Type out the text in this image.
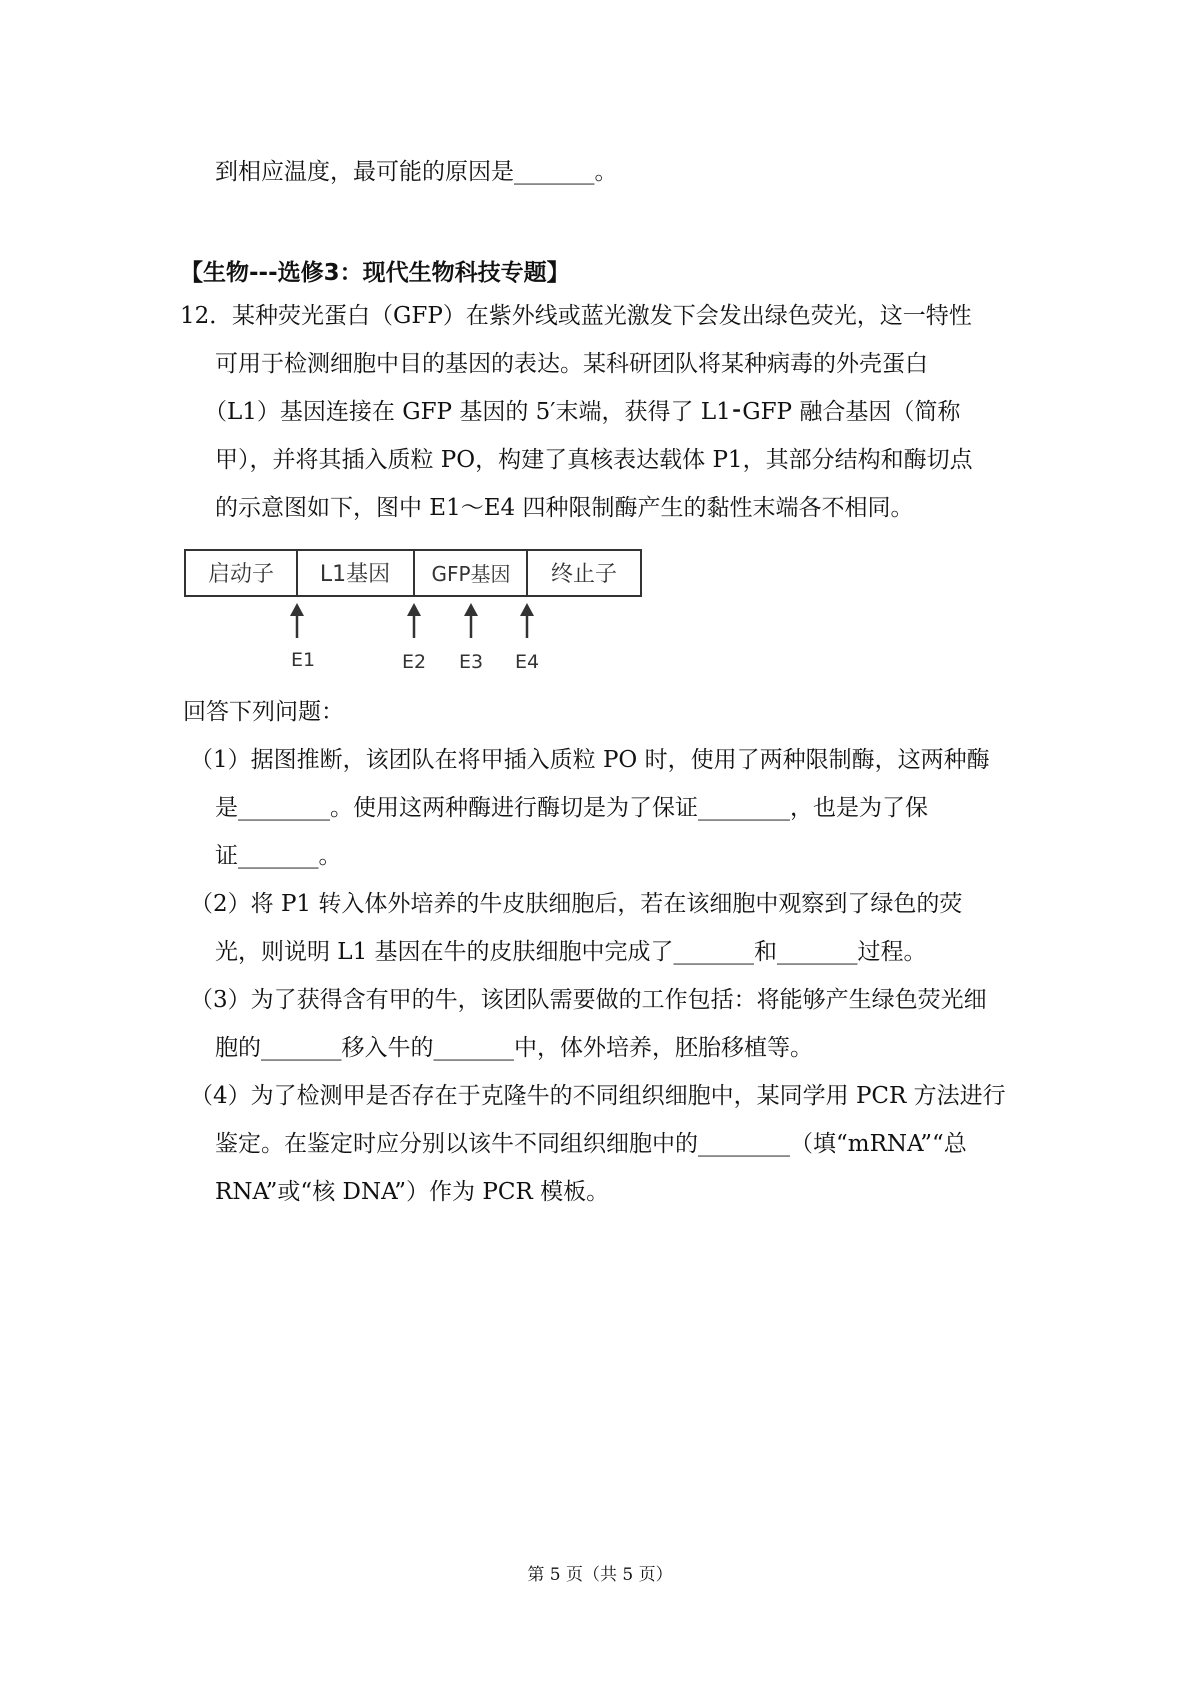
到相应温度，最可能的原因是_______。
【生物---选修3：现代生物科技专题】
12． 某种荧光蛋白（GFP）在紫外线或蓝光激发下会发出绿色荧光，这一特性
可用于检测细胞中目的基因的表达。某科研团队将某种病毒的外壳蛋白
（L1）基因连接在 GFP 基因的 5′末端，获得了 L1⁃GFP 融合基因（简称
甲），并将其插入质粒 PO，构建了真核表达载体 P1，其部分结构和酶切点
的示意图如下，图中 E1～E4 四种限制酶产生的黏性末端各不相同。
启动子 L1基因 GFP基因 终止子
E1	E2 E3 E4
回答下列问题：
（1）据图推断，该团队在将甲插入质粒 PO 时，使用了两种限制酶，这两种酶
是________。使用这两种酶进行酶切是为了保证________，也是为了保
证_______。
（2）将 P1 转入体外培养的牛皮肤细胞后，若在该细胞中观察到了绿色的荧
光，则说明 L1 基因在牛的皮肤细胞中完成了_______和_______过程。
（3）为了获得含有甲的牛，该团队需要做的工作包括：将能够产生绿色荧光细
胞的_______移入牛的_______中，体外培养，胚胎移植等。
（4）为了检测甲是否存在于克隆牛的不同组织细胞中，某同学用 PCR 方法进行
鉴定。在鉴定时应分别以该牛不同组织细胞中的________（填“mRNA”“总
RNA”或“核 DNA”）作为 PCR 模板。
第 5 页（共 5 页）
